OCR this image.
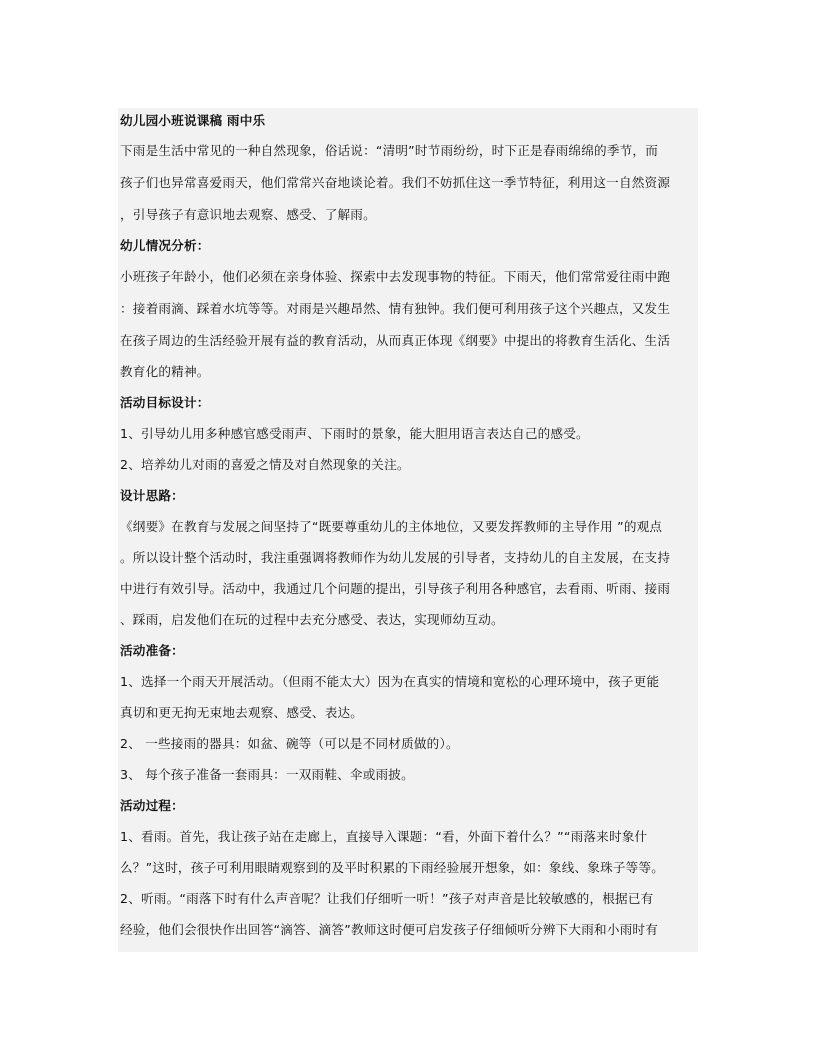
幼儿园小班说课稿 雨中乐
下雨是生活中常见的一种自然现象，俗话说：“清明”时节雨纷纷，时下正是春雨绵绵的季节，而
孩子们也异常喜爱雨天，他们常常兴奋地谈论着。我们不妨抓住这一季节特征，利用这一自然资源
，引导孩子有意识地去观察、感受、了解雨。
幼儿情况分析：
小班孩子年龄小，他们必须在亲身体验、探索中去发现事物的特征。下雨天，他们常常爱往雨中跑
：接着雨滴、踩着水坑等等。对雨是兴趣昂然、情有独钟。我们便可利用孩子这个兴趣点，又发生
在孩子周边的生活经验开展有益的教育活动，从而真正体现《纲要》中提出的将教育生活化、生活
教育化的精神。
活动目标设计：
1、引导幼儿用多种感官感受雨声、下雨时的景象，能大胆用语言表达自己的感受。
2、培养幼儿对雨的喜爱之情及对自然现象的关注。
设计思路：
《纲要》在教育与发展之间坚持了“既要尊重幼儿的主体地位，又要发挥教师的主导作用 ”的观点
。所以设计整个活动时，我注重强调将教师作为幼儿发展的引导者，支持幼儿的自主发展，在支持
中进行有效引导。活动中，我通过几个问题的提出，引导孩子利用各种感官，去看雨、听雨、接雨
、踩雨，启发他们在玩的过程中去充分感受、表达，实现师幼互动。
活动准备：
1、选择一个雨天开展活动。（但雨不能太大）因为在真实的情境和宽松的心理环境中，孩子更能
真切和更无拘无束地去观察、感受、表达。
2、 一些接雨的器具：如盆、碗等（可以是不同材质做的）。
3、 每个孩子准备一套雨具：一双雨鞋、伞或雨披。
活动过程：
1、看雨。首先，我让孩子站在走廊上，直接导入课题：“看，外面下着什么？”“雨落来时象什
么？”这时，孩子可利用眼睛观察到的及平时积累的下雨经验展开想象，如：象线、象珠子等等。
2、听雨。“雨落下时有什么声音呢？让我们仔细听一听！”孩子对声音是比较敏感的，根据已有
经验，他们会很快作出回答“滴答、滴答”教师这时便可启发孩子仔细倾听分辨下大雨和小雨时有
